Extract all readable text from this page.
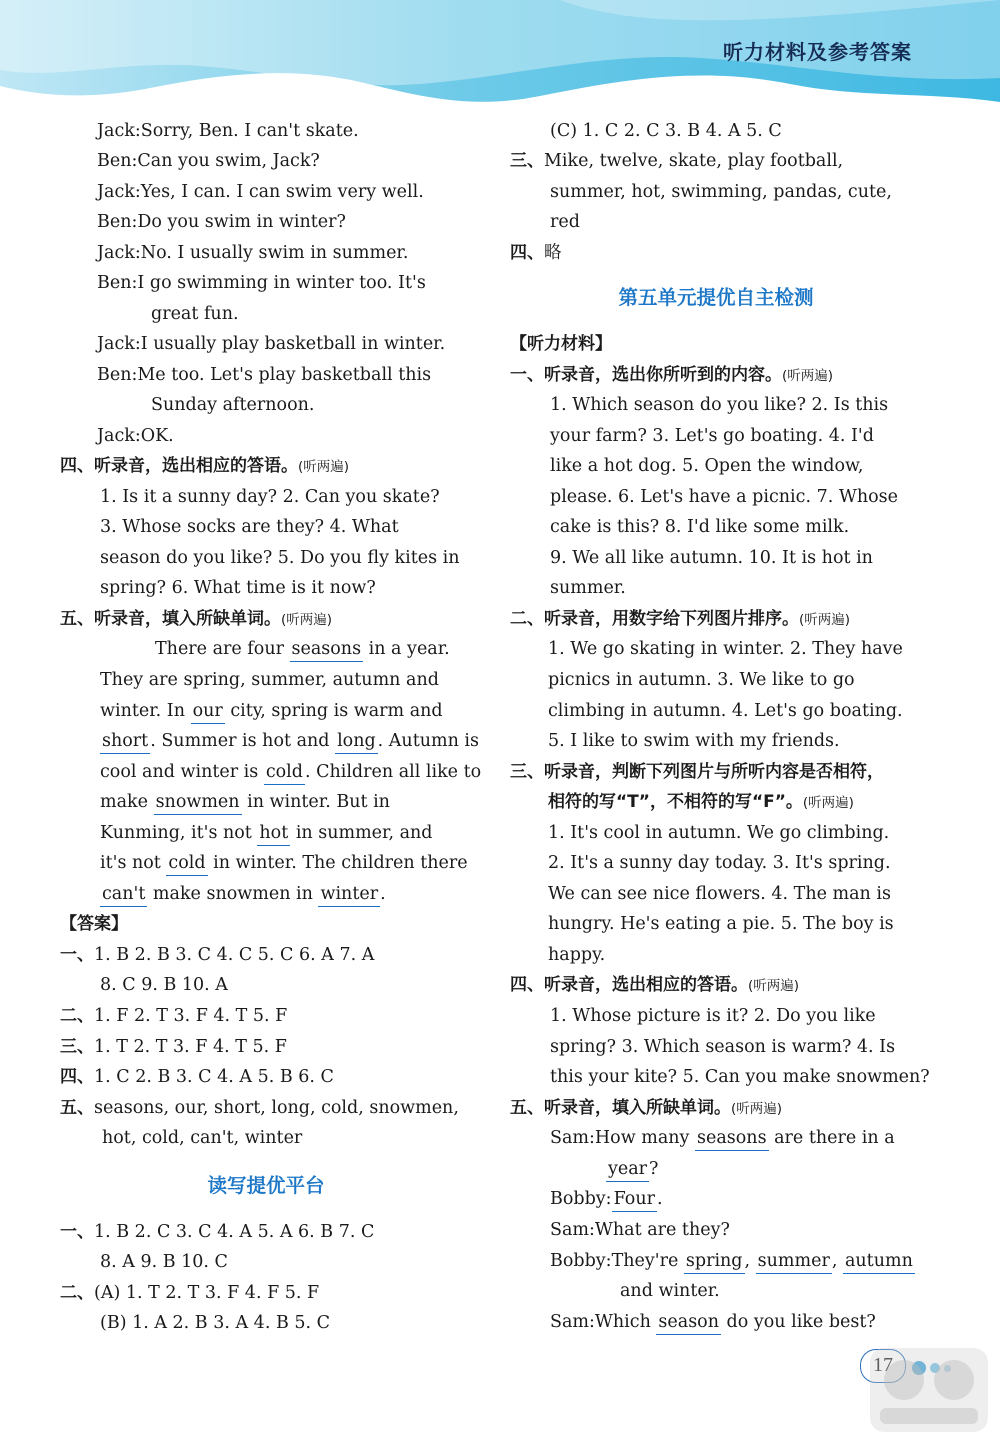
听力材料及参考答案
Jack:Sorry, Ben. I can't skate.
Ben:Can you swim, Jack?
Jack:Yes, I can. I can swim very well.
Ben:Do you swim in winter?
Jack:No. I usually swim in summer.
Ben:I go swimming in winter too. It's
great fun.
Jack:I usually play basketball in winter.
Ben:Me too. Let's play basketball this
Sunday afternoon.
Jack:OK.
四、听录音，选出相应的答语。(听两遍)
1. Is it a sunny day? 2. Can you skate?
3. Whose socks are they? 4. What
season do you like? 5. Do you fly kites in
spring? 6. What time is it now?
五、听录音，填入所缺单词。(听两遍)
There are four seasons in a year.
They are spring, summer, autumn and
winter. In our city, spring is warm and
short . Summer is hot and long . Autumn is
cool and winter is cold . Children all like to
make snowmen in winter. But in
Kunming, it's not hot in summer, and
it's not cold in winter. The children there
can't make snowmen in winter .
【答案】
一、1. B 2. B 3. C 4. C 5. C 6. A 7. A
8. C 9. B 10. A
二、1. F 2. T 3. F 4. T 5. F
三、1. T 2. T 3. F 4. T 5. F
四、1. C 2. B 3. C 4. A 5. B 6. C
五、seasons, our, short, long, cold, snowmen,
hot, cold, can't, winter
读写提优平台
一、1. B 2. C 3. C 4. A 5. A 6. B 7. C
8. A 9. B 10. C
二、(A) 1. T 2. T 3. F 4. F 5. F
(B) 1. A 2. B 3. A 4. B 5. C
(C) 1. C 2. C 3. B 4. A 5. C
三、Mike, twelve, skate, play football,
summer, hot, swimming, pandas, cute,
red
四、略
第五单元提优自主检测
【听力材料】
一、听录音，选出你所听到的内容。(听两遍)
1. Which season do you like? 2. Is this
your farm? 3. Let's go boating. 4. I'd
like a hot dog. 5. Open the window,
please. 6. Let's have a picnic. 7. Whose
cake is this? 8. I'd like some milk.
9. We all like autumn. 10. It is hot in
summer.
二、听录音，用数字给下列图片排序。(听两遍)
1. We go skating in winter. 2. They have
picnics in autumn. 3. We like to go
climbing in autumn. 4. Let's go boating.
5. I like to swim with my friends.
三、听录音，判断下列图片与所听内容是否相符，
相符的写“T”，不相符的写“F”。(听两遍)
1. It's cool in autumn. We go climbing.
2. It's a sunny day today. 3. It's spring.
We can see nice flowers. 4. The man is
hungry. He's eating a pie. 5. The boy is
happy.
四、听录音，选出相应的答语。(听两遍)
1. Whose picture is it? 2. Do you like
spring? 3. Which season is warm? 4. Is
this your kite? 5. Can you make snowmen?
五、听录音，填入所缺单词。(听两遍)
Sam:How many seasons are there in a
year ?
Bobby: Four .
Sam:What are they?
Bobby:They're spring , summer , autumn
and winter.
Sam:Which season do you like best?
17
